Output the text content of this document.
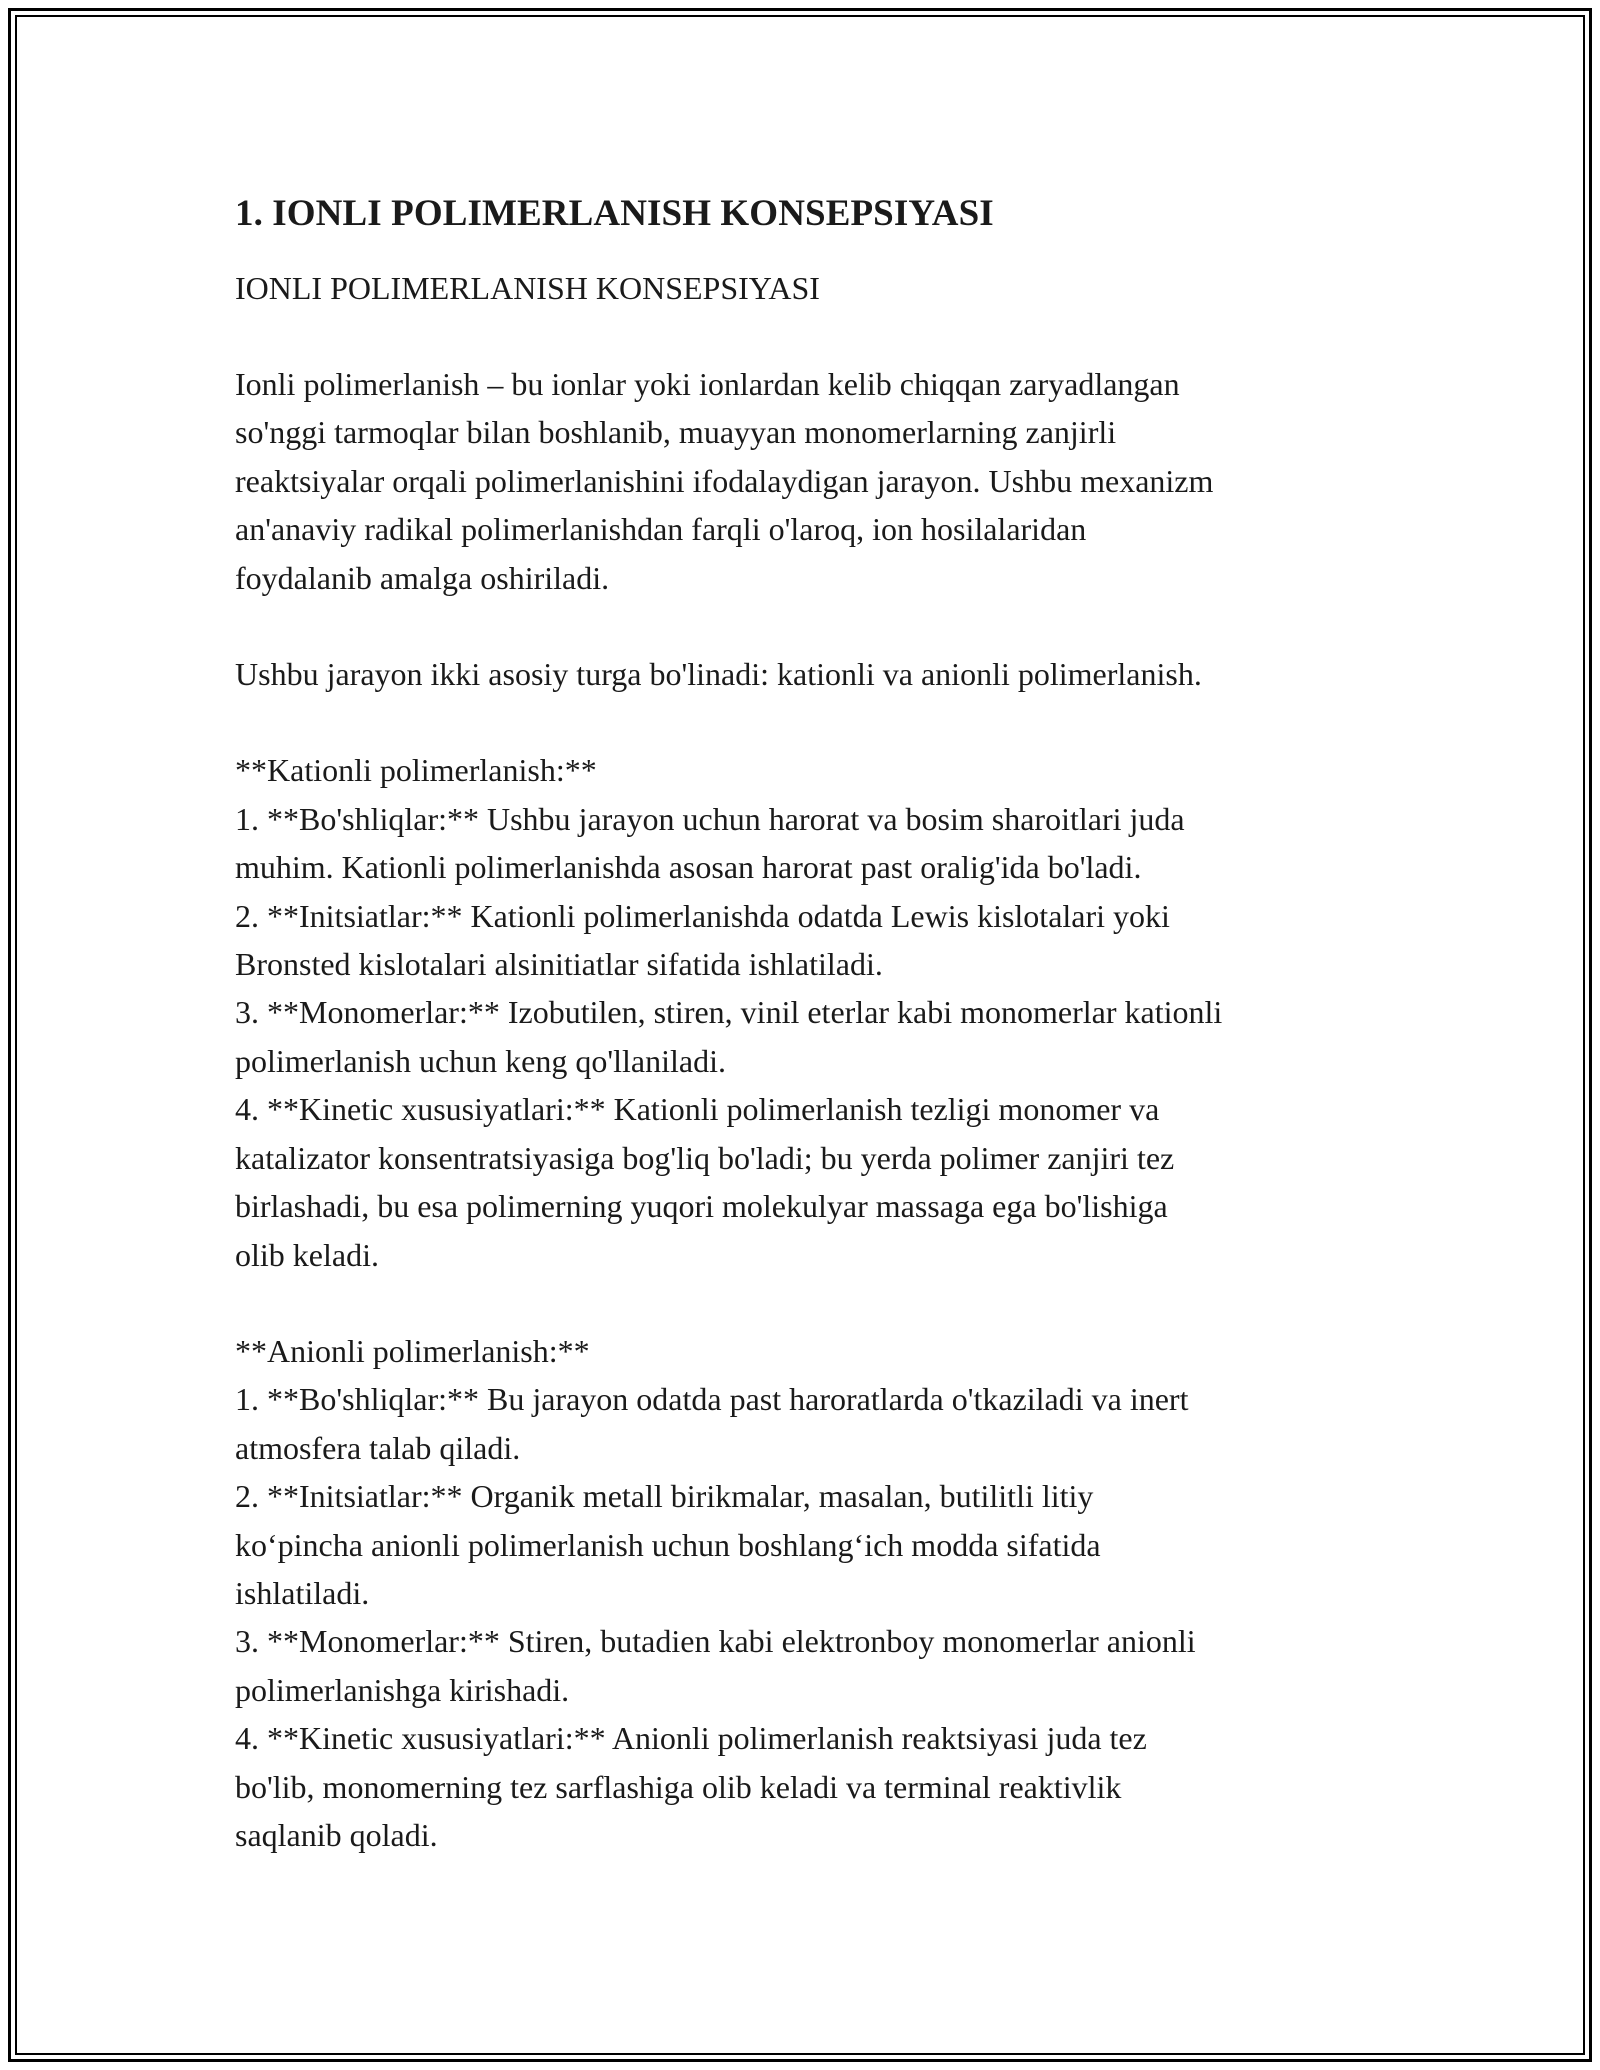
1. IONLI POLIMERLANISH KONSEPSIYASI

IONLI POLIMERLANISH KONSEPSIYASI

Ionli polimerlanish – bu ionlar yoki ionlardan kelib chiqqan zaryadlangan
so'nggi tarmoqlar bilan boshlanib, muayyan monomerlarning zanjirli
reaktsiyalar orqali polimerlanishini ifodalaydigan jarayon. Ushbu mexanizm
an'anaviy radikal polimerlanishdan farqli o'laroq, ion hosilalaridan
foydalanib amalga oshiriladi.

Ushbu jarayon ikki asosiy turga bo'linadi: kationli va anionli polimerlanish.

**Kationli polimerlanish:**
1. **Bo'shliqlar:** Ushbu jarayon uchun harorat va bosim sharoitlari juda
muhim. Kationli polimerlanishda asosan harorat past oralig'ida bo'ladi.
2. **Initsiatlar:** Kationli polimerlanishda odatda Lewis kislotalari yoki
Bronsted kislotalari alsinitiatlar sifatida ishlatiladi.
3. **Monomerlar:** Izobutilen, stiren, vinil eterlar kabi monomerlar kationli
polimerlanish uchun keng qo'llaniladi.
4. **Kinetic xususiyatlari:** Kationli polimerlanish tezligi monomer va
katalizator konsentratsiyasiga bog'liq bo'ladi; bu yerda polimer zanjiri tez
birlashadi, bu esa polimerning yuqori molekulyar massaga ega bo'lishiga
olib keladi.

**Anionli polimerlanish:**
1. **Bo'shliqlar:** Bu jarayon odatda past haroratlarda o'tkaziladi va inert
atmosfera talab qiladi.
2. **Initsiatlar:** Organik metall birikmalar, masalan, butilitli litiy
ko‘pincha anionli polimerlanish uchun boshlang‘ich modda sifatida
ishlatiladi.
3. **Monomerlar:** Stiren, butadien kabi elektronboy monomerlar anionli
polimerlanishga kirishadi.
4. **Kinetic xususiyatlari:** Anionli polimerlanish reaktsiyasi juda tez
bo'lib, monomerning tez sarflashiga olib keladi va terminal reaktivlik
saqlanib qoladi.
